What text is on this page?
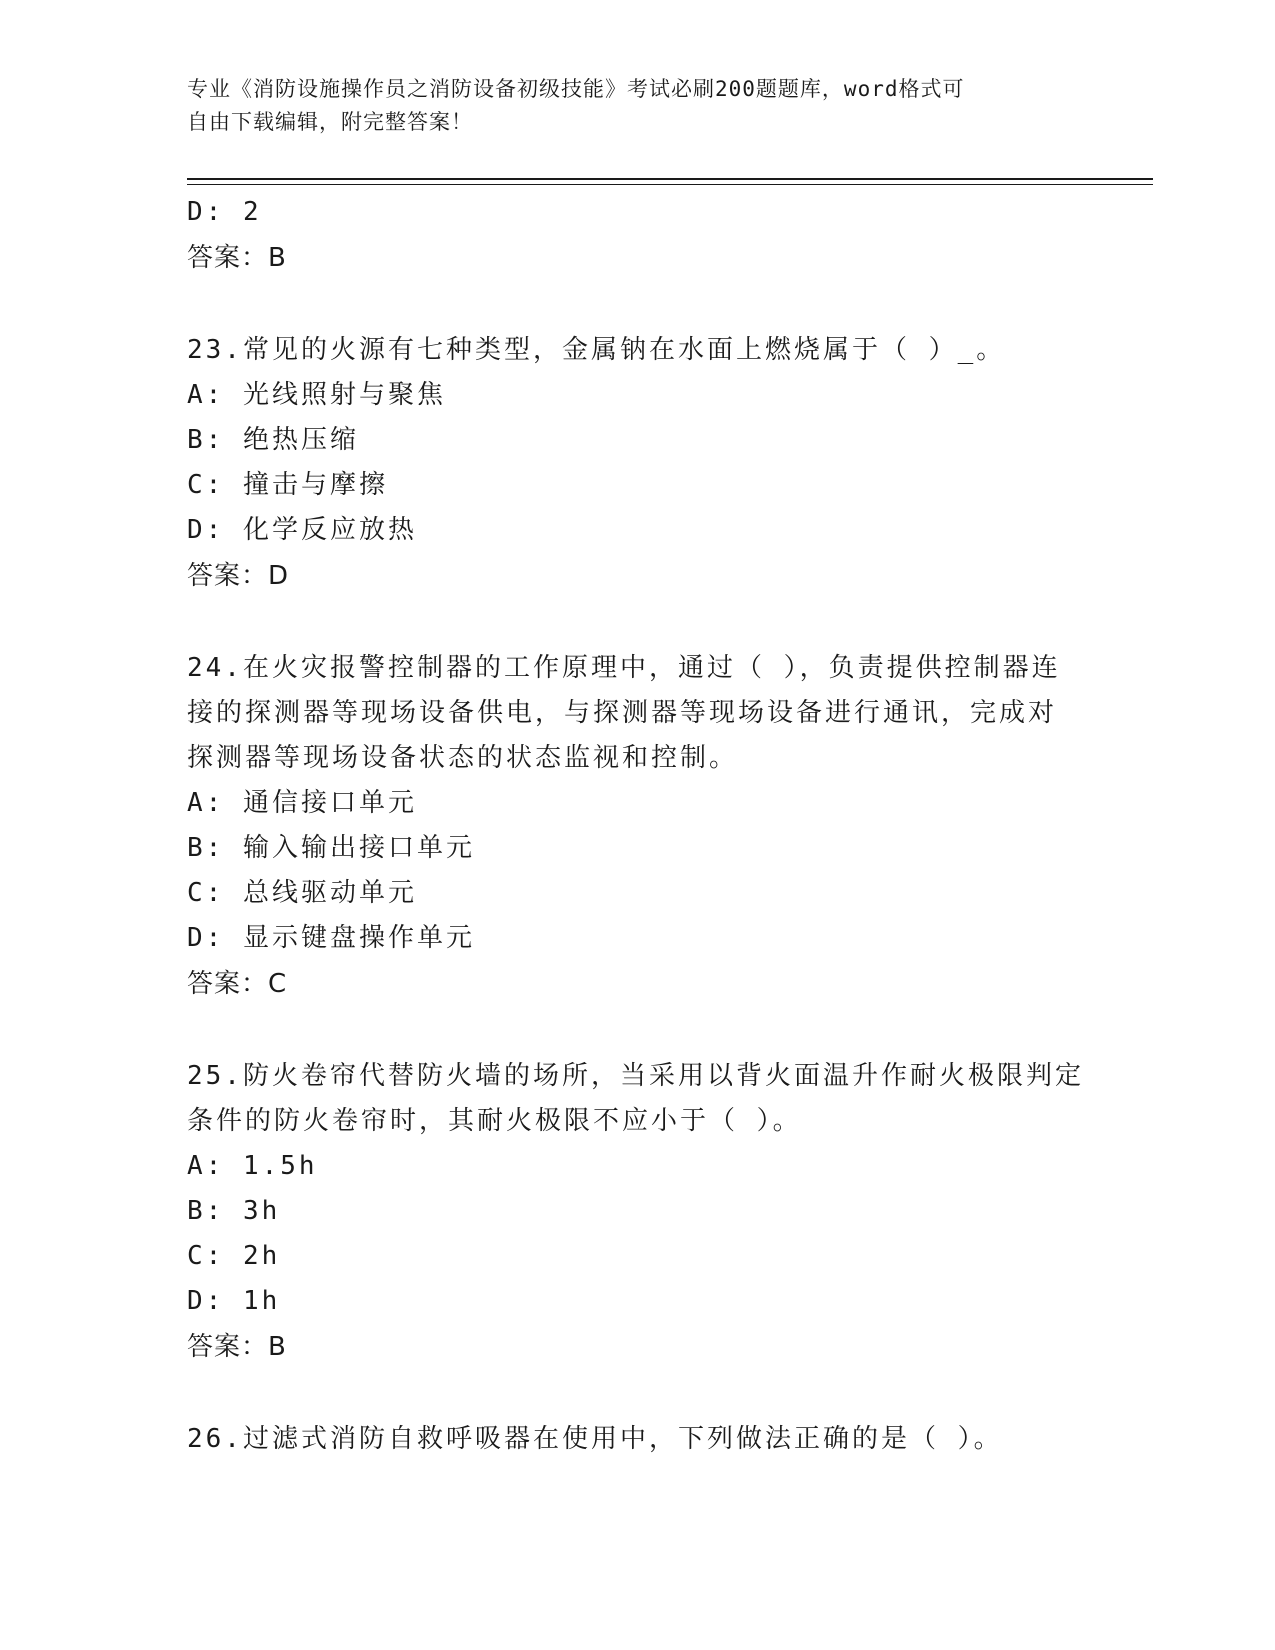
专业《消防设施操作员之消防设备初级技能》考试必刷200题题库，word格式可
自由下载编辑，附完整答案！
D: 2
答案：B
23.常见的火源有七种类型，金属钠在水面上燃烧属于（ ）_。
A: 光线照射与聚焦
B: 绝热压缩
C: 撞击与摩擦
D: 化学反应放热
答案：D
24.在火灾报警控制器的工作原理中，通过（ ），负责提供控制器连
接的探测器等现场设备供电，与探测器等现场设备进行通讯，完成对
探测器等现场设备状态的状态监视和控制。
A: 通信接口单元
B: 输入输出接口单元
C: 总线驱动单元
D: 显示键盘操作单元
答案：C
25.防火卷帘代替防火墙的场所，当采用以背火面温升作耐火极限判定
条件的防火卷帘时，其耐火极限不应小于（ ）。
A: 1.5h
B: 3h
C: 2h
D: 1h
答案：B
26.过滤式消防自救呼吸器在使用中，下列做法正确的是（ ）。
